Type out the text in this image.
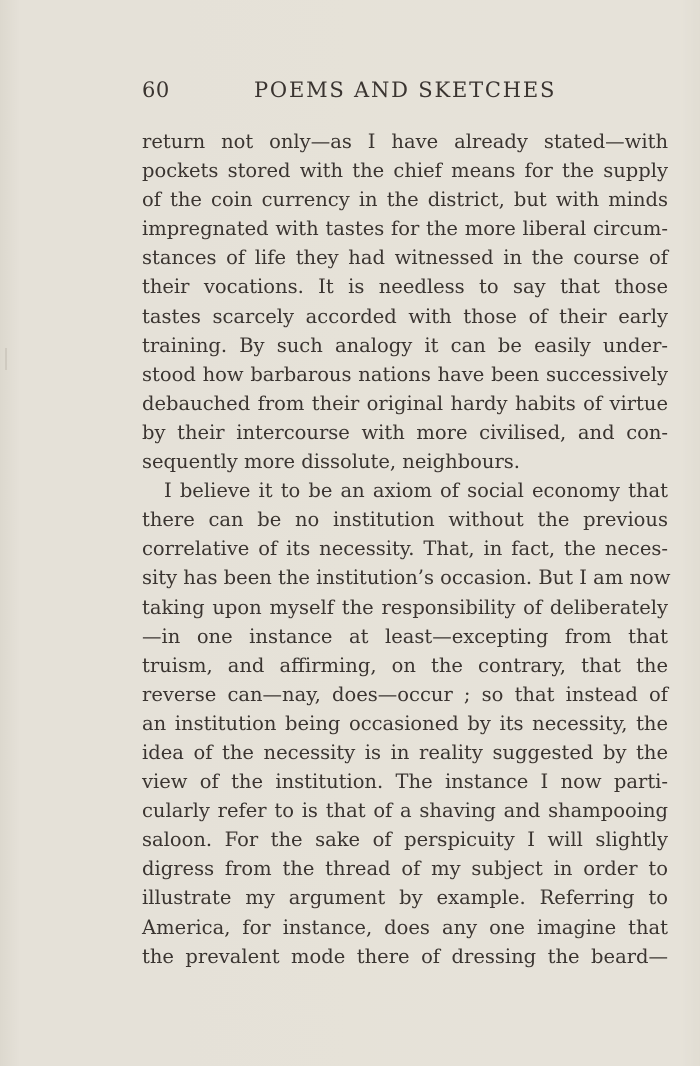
60	POEMS AND SKETCHES
return not only—as I have already stated—with
pockets stored with the chief means for the supply
of the coin currency in the district, but with minds
impregnated with tastes for the more liberal circum-
stances of life they had witnessed in the course of
their vocations. It is needless to say that those
tastes scarcely accorded with those of their early
training. By such analogy it can be easily under-
stood how barbarous nations have been successively
debauched from their original hardy habits of virtue
by their intercourse with more civilised, and con-
sequently more dissolute, neighbours.
I believe it to be an axiom of social economy that
there can be no institution without the previous
correlative of its necessity. That, in fact, the neces-
sity has been the institution’s occasion. But I am now
taking upon myself the responsibility of deliberately
—in one instance at least—excepting from that
truism, and affirming, on the contrary, that the
reverse can—nay, does—occur ; so that instead of
an institution being occasioned by its necessity, the
idea of the necessity is in reality suggested by the
view of the institution. The instance I now parti-
cularly refer to is that of a shaving and shampooing
saloon. For the sake of perspicuity I will slightly
digress from the thread of my subject in order to
illustrate my argument by example. Referring to
America, for instance, does any one imagine that
the prevalent mode there of dressing the beard—
